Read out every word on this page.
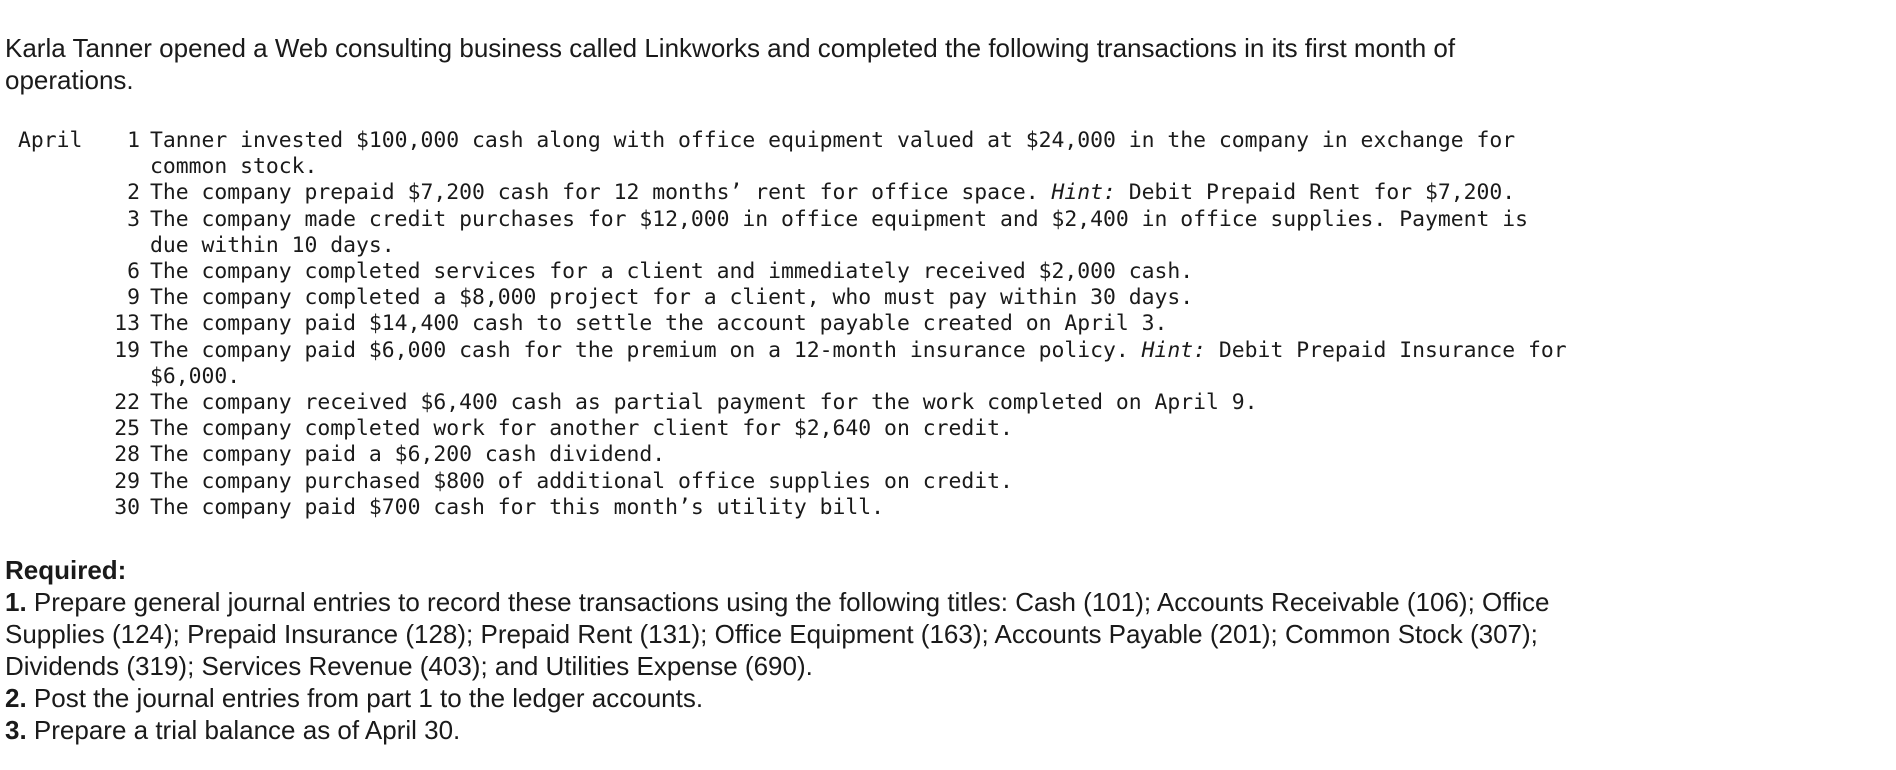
Karla Tanner opened a Web consulting business called Linkworks and completed the following transactions in its first month of operations.

April	1	Tanner invested $100,000 cash along with office equipment valued at $24,000 in the company in exchange for
common stock.
	2	The company prepaid $7,200 cash for 12 months’ rent for office space. Hint: Debit Prepaid Rent for $7,200.
	3	The company made credit purchases for $12,000 in office equipment and $2,400 in office supplies. Payment is
due within 10 days.
	6	The company completed services for a client and immediately received $2,000 cash.
	9	The company completed a $8,000 project for a client, who must pay within 30 days.
	13	The company paid $14,400 cash to settle the account payable created on April 3.
	19	The company paid $6,000 cash for the premium on a 12-month insurance policy. Hint: Debit Prepaid Insurance for
$6,000.
	22	The company received $6,400 cash as partial payment for the work completed on April 9.
	25	The company completed work for another client for $2,640 on credit.
	28	The company paid a $6,200 cash dividend.
	29	The company purchased $800 of additional office supplies on credit.
	30	The company paid $700 cash for this month’s utility bill.

Required:

1. Prepare general journal entries to record these transactions using the following titles: Cash (101); Accounts Receivable (106); Office Supplies (124); Prepaid Insurance (128); Prepaid Rent (131); Office Equipment (163); Accounts Payable (201); Common Stock (307); Dividends (319); Services Revenue (403); and Utilities Expense (690).

2. Post the journal entries from part 1 to the ledger accounts.

3. Prepare a trial balance as of April 30.
